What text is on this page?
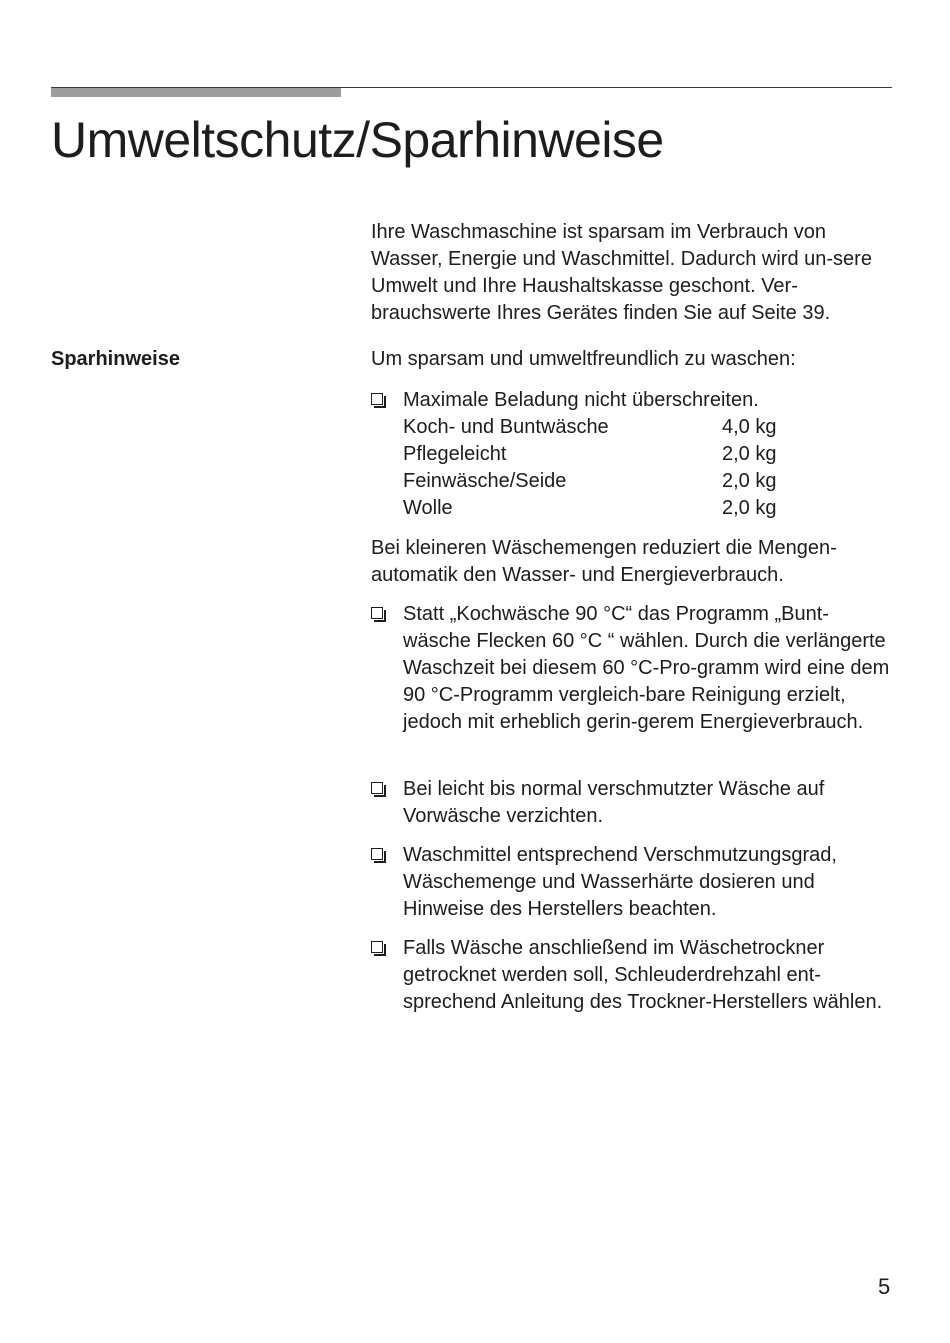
Umweltschutz/Sparhinweise

Ihre Waschmaschine ist sparsam im Verbrauch von Wasser, Energie und Waschmittel. Dadurch wird un-sere Umwelt und Ihre Haushaltskasse geschont. Ver-brauchswerte Ihres Gerätes finden Sie auf Seite 39.

Sparhinweise	Um sparsam und umweltfreundlich zu waschen:

Maximale Beladung nicht überschreiten.
Koch- und Buntwäsche	4,0 kg
Pflegeleicht	2,0 kg
Feinwäsche/Seide	2,0 kg
Wolle	2,0 kg

Bei kleineren Wäschemengen reduziert die Mengen-automatik den Wasser- und Energieverbrauch.

Statt „Kochwäsche 90 °C“ das Programm „Bunt-wäsche Flecken 60 °C “ wählen. Durch die verlängerte Waschzeit bei diesem 60 °C-Pro-gramm wird eine dem 90 °C-Programm vergleich-bare Reinigung erzielt, jedoch mit erheblich gerin-gerem Energieverbrauch.
Bei leicht bis normal verschmutzter Wäsche auf Vorwäsche verzichten.
Waschmittel entsprechend Verschmutzungsgrad, Wäschemenge und Wasserhärte dosieren und Hinweise des Herstellers beachten.
Falls Wäsche anschließend im Wäschetrockner getrocknet werden soll, Schleuderdrehzahl ent-sprechend Anleitung des Trockner-Herstellers wählen.
5
